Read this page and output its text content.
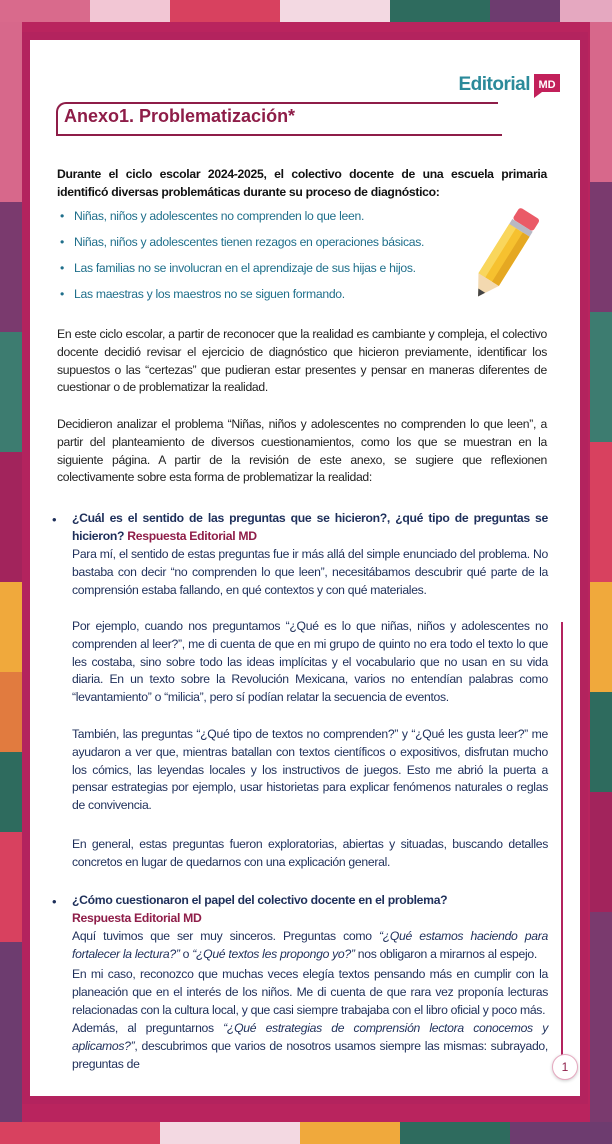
Editorial MD
Anexo1. Problematización*
Durante el ciclo escolar 2024-2025, el colectivo docente de una escuela primaria identificó diversas problemáticas durante su proceso de diagnóstico:
• Niñas, niños y adolescentes no comprenden lo que leen.
• Niñas, niños y adolescentes tienen rezagos en operaciones básicas.
• Las familias no se involucran en el aprendizaje de sus hijas e hijos.
• Las maestras y los maestros no se siguen formando.
En este ciclo escolar, a partir de reconocer que la realidad es cambiante y compleja, el colectivo docente decidió revisar el ejercicio de diagnóstico que hicieron previamente, identificar los supuestos o las “certezas” que pudieran estar presentes y pensar en maneras diferentes de cuestionar o de problematizar la realidad.
Decidieron analizar el problema “Niñas, niños y adolescentes no comprenden lo que leen”, a partir del planteamiento de diversos cuestionamientos, como los que se muestran en la siguiente página. A partir de la revisión de este anexo, se sugiere que reflexionen colectivamente sobre esta forma de problematizar la realidad:
• ¿Cuál es el sentido de las preguntas que se hicieron?, ¿qué tipo de preguntas se hicieron? Respuesta Editorial MD
Para mí, el sentido de estas preguntas fue ir más allá del simple enunciado del problema. No bastaba con decir “no comprenden lo que leen”, necesitábamos descubrir qué parte de la comprensión estaba fallando, en qué contextos y con qué materiales.
Por ejemplo, cuando nos preguntamos “¿Qué es lo que niñas, niños y adolescentes no comprenden al leer?”, me di cuenta de que en mi grupo de quinto no era todo el texto lo que les costaba, sino sobre todo las ideas implícitas y el vocabulario que no usan en su vida diaria. En un texto sobre la Revolución Mexicana, varios no entendían palabras como “levantamiento” o “milicia”, pero sí podían relatar la secuencia de eventos.
También, las preguntas “¿Qué tipo de textos no comprenden?” y “¿Qué les gusta leer?” me ayudaron a ver que, mientras batallan con textos científicos o expositivos, disfrutan mucho los cómics, las leyendas locales y los instructivos de juegos. Esto me abrió la puerta a pensar estrategias por ejemplo, usar historietas para explicar fenómenos naturales o reglas de convivencia.
En general, estas preguntas fueron exploratorias, abiertas y situadas, buscando detalles concretos en lugar de quedarnos con una explicación general.
• ¿Cómo cuestionaron el papel del colectivo docente en el problema?
Respuesta Editorial MD
Aquí tuvimos que ser muy sinceros. Preguntas como “¿Qué estamos haciendo para fortalecer la lectura?” o “¿Qué textos les propongo yo?” nos obligaron a mirarnos al espejo.
En mi caso, reconozco que muchas veces elegía textos pensando más en cumplir con la planeación que en el interés de los niños. Me di cuenta de que rara vez proponía lecturas relacionadas con la cultura local, y que casi siempre trabajaba con el libro oficial y poco más.
Además, al preguntarnos “¿Qué estrategias de comprensión lectora conocemos y aplicamos?”, descubrimos que varios de nosotros usamos siempre las mismas: subrayado, preguntas de	1
